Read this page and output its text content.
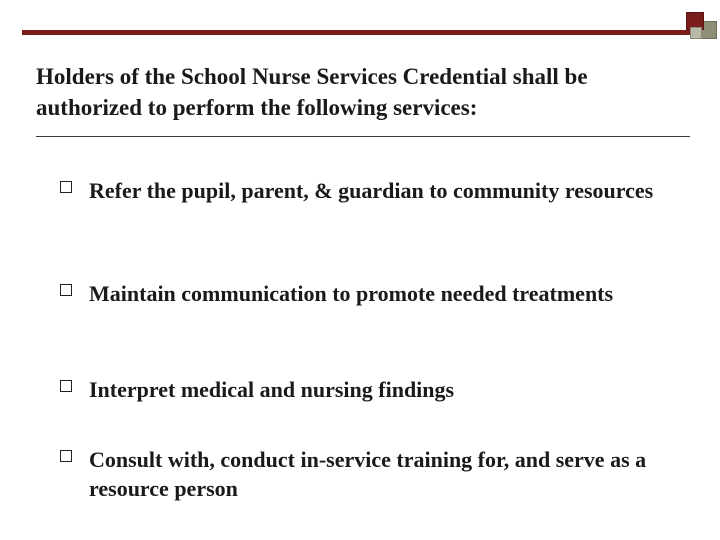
Holders of the School Nurse Services Credential shall be authorized to perform the following services:
Refer the pupil, parent, & guardian to community resources
Maintain communication to promote needed treatments
Interpret medical and nursing findings
Consult with, conduct in-service training for, and serve as a resource person
